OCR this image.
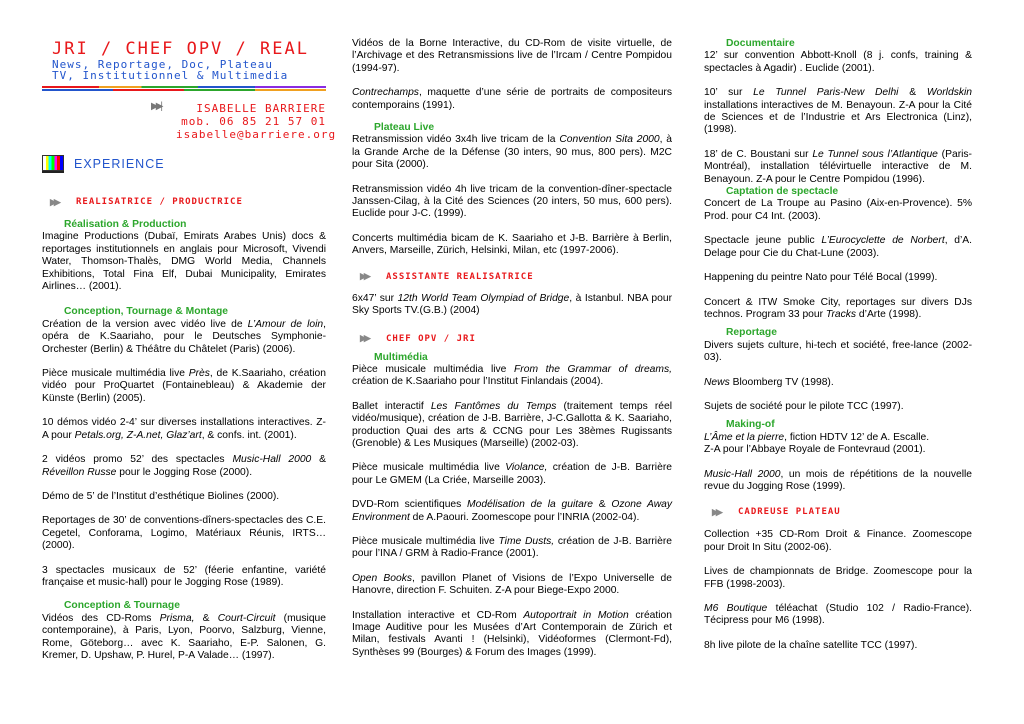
JRI / CHEF OPV / REAL
News, Reportage, Doc, Plateau
TV, Institutionnel & Multimedia
▶▶|	ISABELLE BARRIERE
mob. 06 85 21 57 01
isabelle@barriere.org
EXPERIENCE
▶▶	REALISATRICE / PRODUCTRICE

Réalisation & Production

Imagine Productions (Dubaï, Emirats Arabes Unis) docs & reportages institutionnels en anglais pour Microsoft, Vivendi Water, Thomson-Thalès, DMG World Media, Channels Exhibitions, Total Fina Elf, Dubai Municipality, Emirates Airlines… (2001).

Conception, Tournage & Montage

Création de la version avec vidéo live de L’Amour de loin, opéra de K.Saariaho, pour le Deutsches Symphonie-Orchester (Berlin) & Théâtre du Châtelet (Paris) (2006).

Pièce musicale multimédia live Près, de K.Saariaho, création vidéo pour ProQuartet (Fontainebleau) & Akademie der Künste (Berlin) (2005).

10 démos vidéo 2-4’ sur diverses installations interactives. Z-A pour Petals.org, Z-A.net, Glaz’art, & confs. int. (2001).

2 vidéos promo 52’ des spectacles Music-Hall 2000 & Réveillon Russe pour le Jogging Rose (2000).

Démo de 5’ de l’Institut d’esthétique Biolines (2000).

Reportages de 30’ de conventions-dîners-spectacles des C.E. Cegetel, Conforama, Logimo, Matériaux Réunis, IRTS…(2000).

3 spectacles musicaux de 52’ (féerie enfantine, variété française et music-hall) pour le Jogging Rose (1989).

Conception & Tournage

Vidéos des CD-Roms Prisma, & Court-Circuit (musique contemporaine), à Paris, Lyon, Poorvo, Salzburg, Vienne, Rome, Göteborg… avec K. Saariaho, E-P. Salonen, G. Kremer, D. Upshaw, P. Hurel, P-A Valade… (1997).

Vidéos de la Borne Interactive, du CD-Rom de visite virtuelle, de l’Archivage et des Retransmissions live de l’Ircam / Centre Pompidou (1994-97).

Contrechamps, maquette d’une série de portraits de compositeurs contemporains (1991).

Plateau Live

Retransmission vidéo 3x4h live tricam de la Convention Sita 2000, à la Grande Arche de la Défense (30 inters, 90 mus, 800 pers). M2C pour Sita (2000).

Retransmission vidéo 4h live tricam de la convention-dîner-spectacle Janssen-Cilag, à la Cité des Sciences (20 inters, 50 mus, 600 pers). Euclide pour J-C. (1999).

Concerts multimédia bicam de K. Saariaho et J-B. Barrière à Berlin, Anvers, Marseille, Zürich, Helsinki, Milan, etc (1997-2006).

▶▶	ASSISTANTE REALISATRICE

6x47’ sur 12th World Team Olympiad of Bridge, à Istanbul. NBA pour Sky Sports TV.(G.B.) (2004)

▶▶	CHEF OPV / JRI

Multimédia

Pièce musicale multimédia live From the Grammar of dreams, création de K.Saariaho pour l’Institut Finlandais (2004).

Ballet interactif Les Fantômes du Temps (traitement temps réel vidéo/musique), création de J-B. Barrière, J-C.Gallotta & K. Saariaho, production Quai des arts & CCNG pour Les 38èmes Rugissants (Grenoble) & Les Musiques (Marseille) (2002-03).

Pièce musicale multimédia live Violance, création de J-B. Barrière pour Le GMEM (La Criée, Marseille 2003).

DVD-Rom scientifiques Modélisation de la guitare & Ozone Away Environment de A.Paouri. Zoomescope pour l’INRIA (2002-04).

Pièce musicale multimédia live Time Dusts, création de J-B. Barrière pour l’INA / GRM à Radio-France (2001).

Open Books, pavillon Planet of Visions de l’Expo Universelle de Hanovre, direction F. Schuiten. Z-A pour Biege-Expo 2000.

Installation interactive et CD-Rom Autoportrait in Motion création Image Auditive pour les Musées d’Art Contemporain de Zürich et Milan, festivals Avanti ! (Helsinki), Vidéoformes (Clermont-Fd), Synthèses 99 (Bourges) & Forum des Images (1999).

Documentaire

12’ sur convention Abbott-Knoll (8 j. confs, training & spectacles à Agadir) . Euclide (2001).

10’ sur Le Tunnel Paris-New Delhi & Worldskin installations interactives de M. Benayoun. Z-A pour la Cité de Sciences et de l’Industrie et Ars Electronica (Linz), (1998).

18’ de C. Boustani sur Le Tunnel sous l’Atlantique (Paris-Montréal), installation télévirtuelle interactive de M. Benayoun. Z-A pour le Centre Pompidou (1996).

Captation de spectacle

Concert de La Troupe au Pasino (Aix-en-Provence). 5% Prod. pour C4 Int. (2003).

Spectacle jeune public L’Eurocyclette de Norbert, d’A. Delage pour Cie du Chat-Lune (2003).

Happening du peintre Nato pour Télé Bocal (1999).

Concert & ITW Smoke City, reportages sur divers DJs technos. Program 33 pour Tracks d’Arte (1998).

Reportage

Divers sujets culture, hi-tech et société, free-lance (2002-03).

News Bloomberg TV (1998).

Sujets de société pour le pilote TCC (1997).

Making-of

L’Âme et la pierre, fiction HDTV 12’ de A. Escalle.
Z-A pour l’Abbaye Royale de Fontevraud (2001).

Music-Hall 2000, un mois de répétitions de la nouvelle revue du Jogging Rose (1999).

▶▶	CADREUSE PLATEAU

Collection +35 CD-Rom Droit & Finance. Zoomescope pour Droit In Situ (2002-06).

Lives de championnats de Bridge. Zoomescope pour la FFB (1998-2003).

M6 Boutique téléachat (Studio 102 / Radio-France). Técipress pour M6 (1998).

8h live pilote de la chaîne satellite TCC (1997).
